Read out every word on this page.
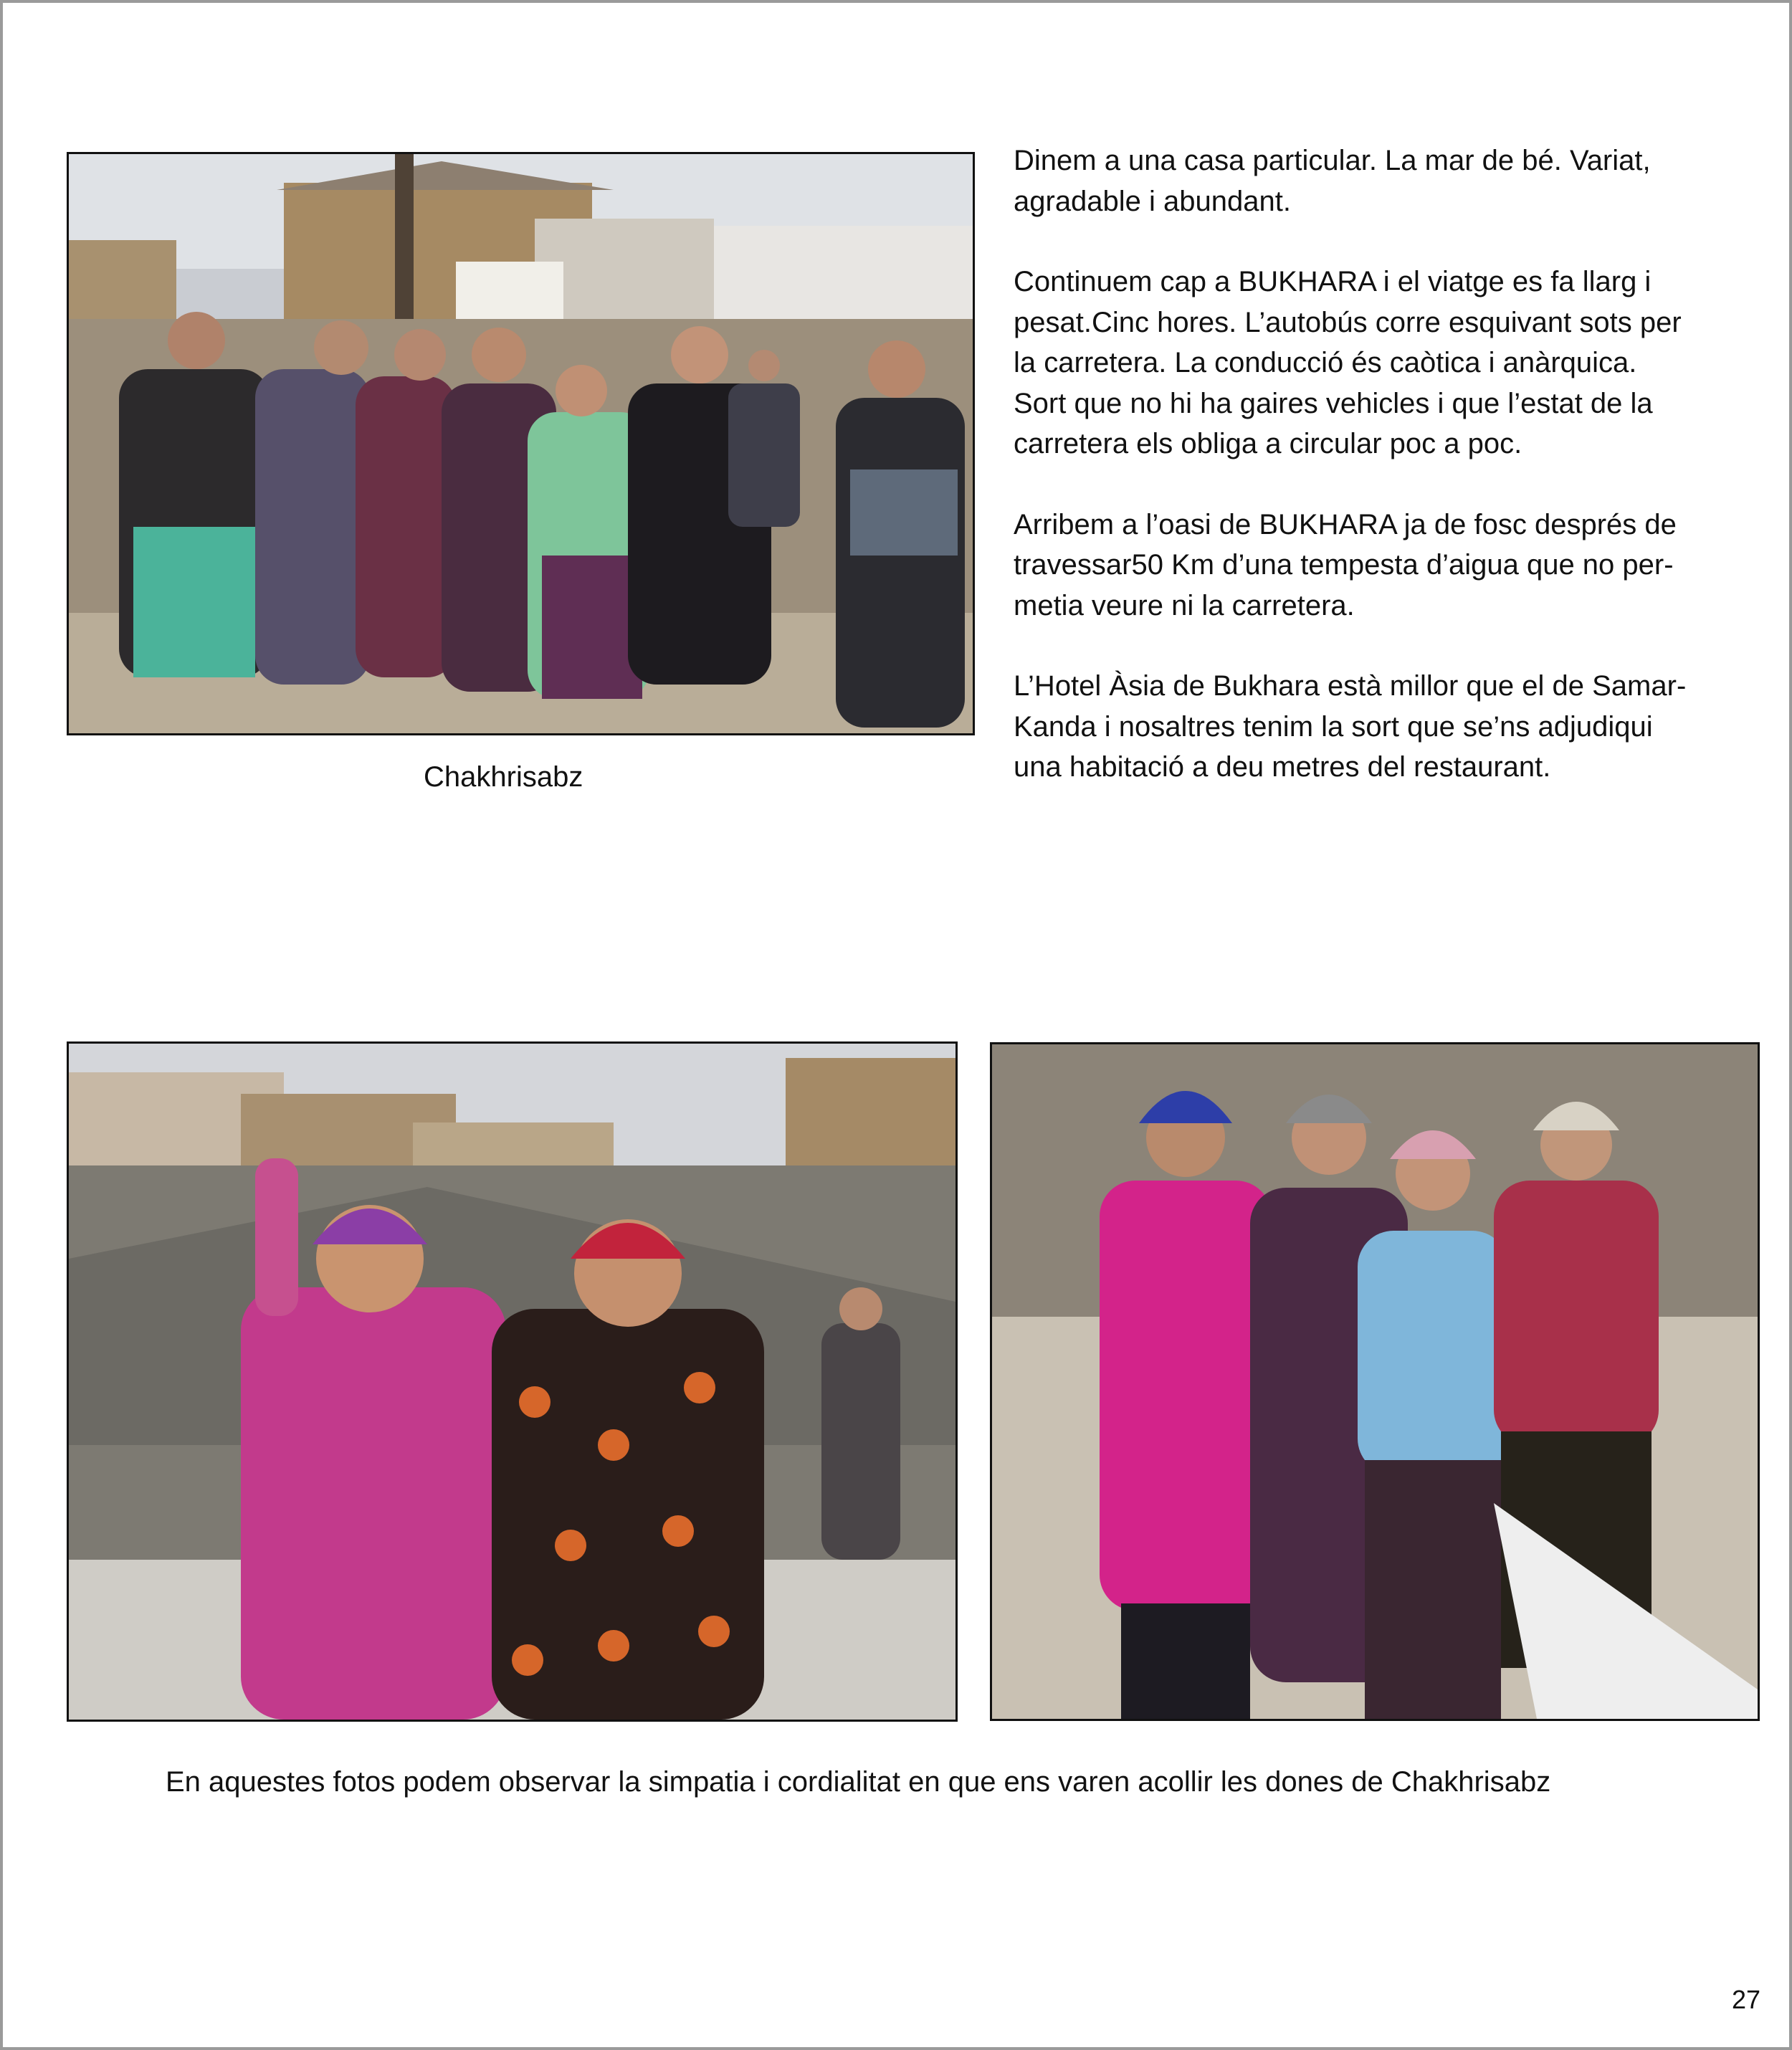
Chakhrisabz

Dinem a una casa particular. La mar de bé. Variat,
agradable i abundant.

Continuem cap a BUKHARA i el viatge es fa llarg i
pesat.Cinc hores. L’autobús corre esquivant sots per
la carretera. La conducció és caòtica i anàrquica.
Sort que no hi ha gaires vehicles i que l’estat de la
carretera els obliga a circular poc a poc.

Arribem a l’oasi de BUKHARA ja de fosc després de
travessar50 Km d’una tempesta d’aigua que no per-
metia veure ni la carretera.

L’Hotel Àsia de Bukhara està millor que el de Samar-
Kanda i nosaltres tenim la sort que se’ns adjudiqui
una habitació a deu metres del restaurant.

En aquestes fotos podem observar la simpatia i cordialitat en que ens varen acollir les dones de Chakhrisabz
27
